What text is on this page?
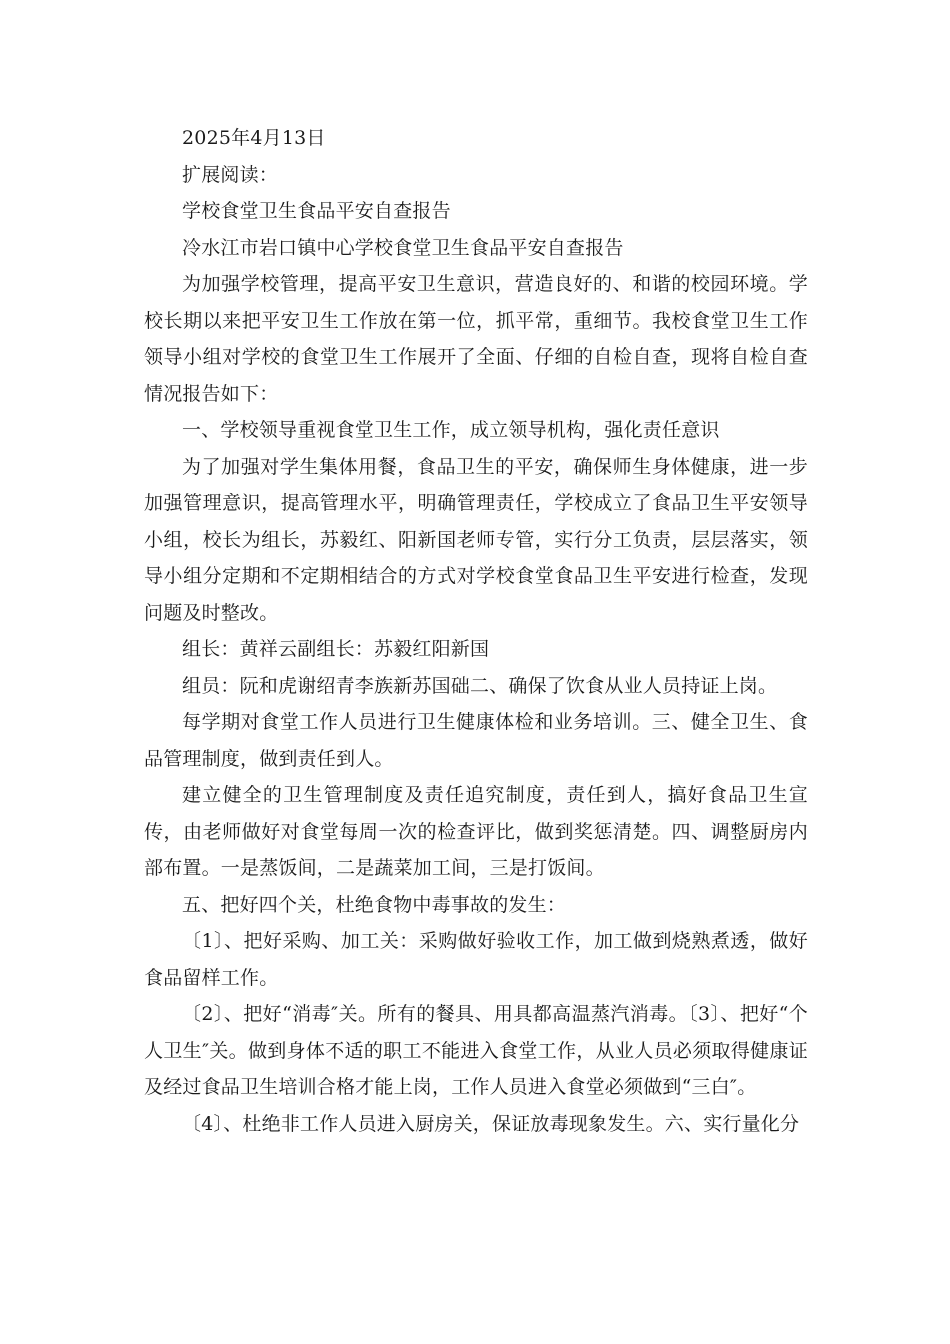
2025年4月13日

扩展阅读：

学校食堂卫生食品平安自查报告

冷水江市岩口镇中心学校食堂卫生食品平安自查报告

为加强学校管理，提高平安卫生意识，营造良好的、和谐的校园环境。学校长期以来把平安卫生工作放在第一位，抓平常，重细节。我校食堂卫生工作领导小组对学校的食堂卫生工作展开了全面、仔细的自检自查，现将自检自查情况报告如下：

一、学校领导重视食堂卫生工作，成立领导机构，强化责任意识

为了加强对学生集体用餐，食品卫生的平安，确保师生身体健康，进一步加强管理意识，提高管理水平，明确管理责任，学校成立了食品卫生平安领导小组，校长为组长，苏毅红、阳新国老师专管，实行分工负责，层层落实，领导小组分定期和不定期相结合的方式对学校食堂食品卫生平安进行检查，发现问题及时整改。

组长：黄祥云副组长：苏毅红阳新国

组员：阮和虎谢绍青李族新苏国础二、确保了饮食从业人员持证上岗。

每学期对食堂工作人员进行卫生健康体检和业务培训。三、健全卫生、食品管理制度，做到责任到人。

建立健全的卫生管理制度及责任追究制度，责任到人，搞好食品卫生宣传，由老师做好对食堂每周一次的检查评比，做到奖惩清楚。四、调整厨房内部布置。一是蒸饭间，二是蔬菜加工间，三是打饭间。

五、把好四个关，杜绝食物中毒事故的发生：

〔1〕、把好采购、加工关：采购做好验收工作，加工做到烧熟煮透，做好食品留样工作。

〔2〕、把好“消毒″关。所有的餐具、用具都高温蒸汽消毒。〔3〕、把好“个人卫生″关。做到身体不适的职工不能进入食堂工作，从业人员必须取得健康证及经过食品卫生培训合格才能上岗，工作人员进入食堂必须做到“三白″。

〔4〕、杜绝非工作人员进入厨房关，保证放毒现象发生。六、实行量化分
